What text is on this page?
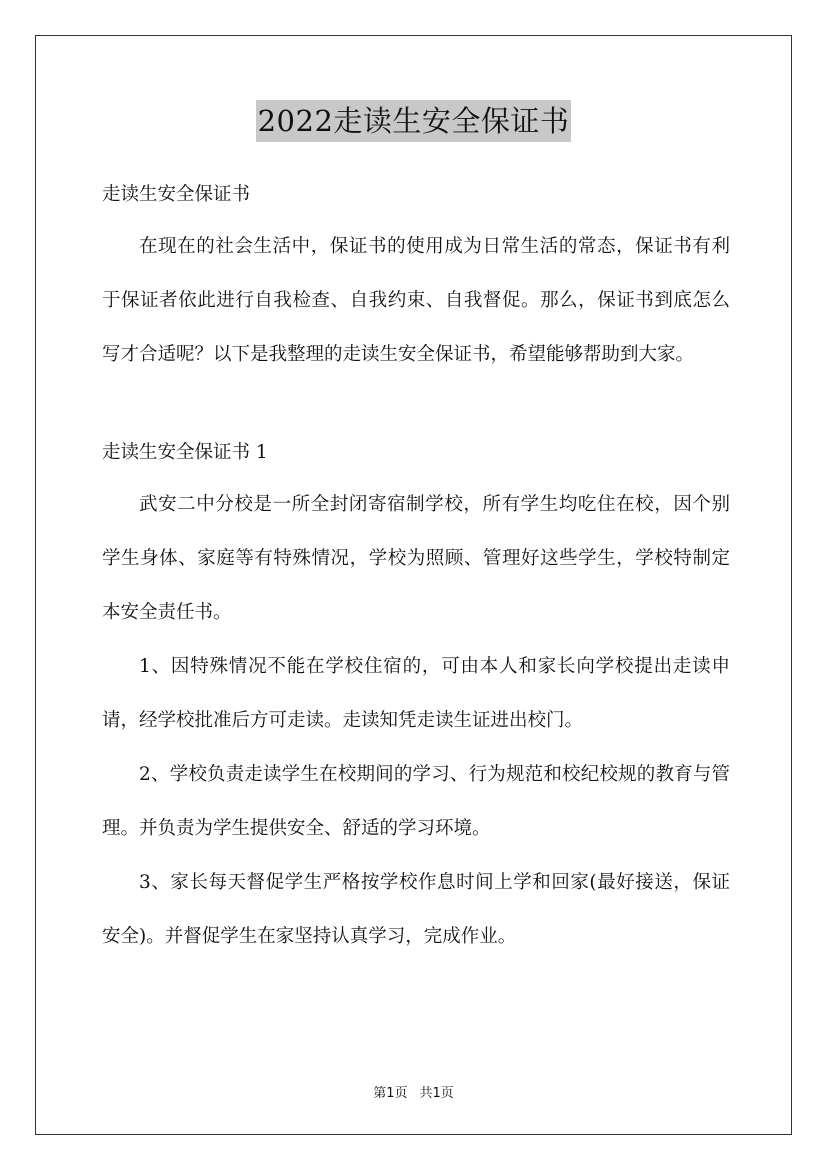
2022走读生安全保证书

走读生安全保证书

在现在的社会生活中，保证书的使用成为日常生活的常态，保证书有利于保证者依此进行自我检查、自我约束、自我督促。那么，保证书到底怎么写才合适呢？以下是我整理的走读生安全保证书，希望能够帮助到大家。

走读生安全保证书 1

武安二中分校是一所全封闭寄宿制学校，所有学生均吃住在校，因个别学生身体、家庭等有特殊情况，学校为照顾、管理好这些学生，学校特制定本安全责任书。

1、因特殊情况不能在学校住宿的，可由本人和家长向学校提出走读申请，经学校批准后方可走读。走读知凭走读生证进出校门。

2、学校负责走读学生在校期间的学习、行为规范和校纪校规的教育与管理。并负责为学生提供安全、舒适的学习环境。

3、家长每天督促学生严格按学校作息时间上学和回家(最好接送，保证安全)。并督促学生在家坚持认真学习，完成作业。

第1页 共1页
